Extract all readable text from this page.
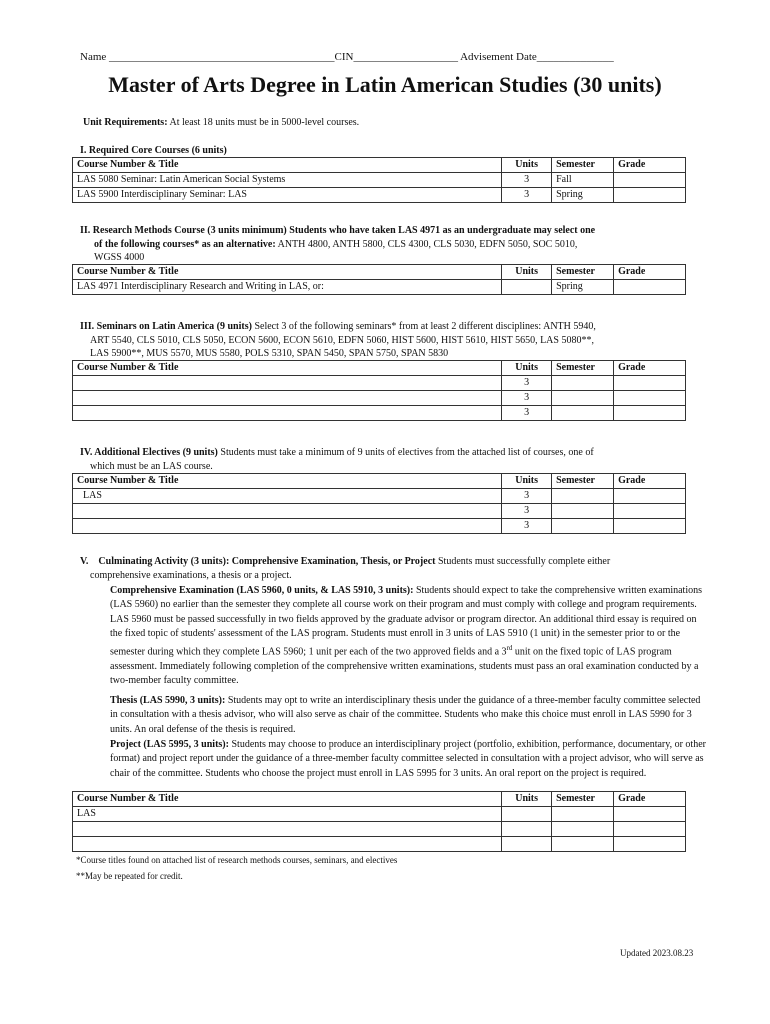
Name _________________________________________CIN___________________ Advisement Date______________
Master of Arts Degree in Latin American Studies (30 units)
Unit Requirements: At least 18 units must be in 5000-level courses.
I. Required Core Courses (6 units)
Course Number & Title	Units	Semester	Grade
LAS 5080 Seminar: Latin American Social Systems	3	Fall	
LAS 5900 Interdisciplinary Seminar: LAS	3	Spring	
II. Research Methods Course (3 units minimum) Students who have taken LAS 4971 as an undergraduate may select one
of the following courses* as an alternative: ANTH 4800, ANTH 5800, CLS 4300, CLS 5030, EDFN 5050, SOC 5010,
WGSS 4000
Course Number & Title	Units	Semester	Grade
LAS 4971 Interdisciplinary Research and Writing in LAS, or:		Spring	
III. Seminars on Latin America (9 units) Select 3 of the following seminars* from at least 2 different disciplines: ANTH 5940,
ART 5540, CLS 5010, CLS 5050, ECON 5600, ECON 5610, EDFN 5060, HIST 5600, HIST 5610, HIST 5650, LAS 5080**,
LAS 5900**, MUS 5570, MUS 5580, POLS 5310, SPAN 5450, SPAN 5750, SPAN 5830
Course Number & Title	Units	Semester	Grade
	3		
	3		
	3		
IV. Additional Electives (9 units) Students must take a minimum of 9 units of electives from the attached list of courses, one of
which must be an LAS course.
Course Number & Title	Units	Semester	Grade
LAS	3		
	3		
	3		
V.    Culminating Activity (3 units): Comprehensive Examination, Thesis, or Project Students must successfully complete either
comprehensive examinations, a thesis or a project.
Comprehensive Examination (LAS 5960, 0 units, & LAS 5910, 3 units): Students should expect to take the comprehensive written examinations (LAS 5960) no earlier than the semester they complete all course work on their program and must comply with college and program requirements. LAS 5960 must be passed successfully in two fields approved by the graduate advisor or program director. An additional third essay is required on the fixed topic of students' assessment of the LAS program. Students must enroll in 3 units of LAS 5910 (1 unit) in the semester prior to or the semester during which they complete LAS 5960; 1 unit per each of the two approved fields and a 3rd unit on the fixed topic of LAS program assessment. Immediately following completion of the comprehensive written examinations, students must pass an oral examination conducted by a two-member faculty committee.
Thesis (LAS 5990, 3 units): Students may opt to write an interdisciplinary thesis under the guidance of a three-member faculty committee selected in consultation with a thesis advisor, who will also serve as chair of the committee. Students who make this choice must enroll in LAS 5990 for 3 units. An oral defense of the thesis is required.
Project (LAS 5995, 3 units): Students may choose to produce an interdisciplinary project (portfolio, exhibition, performance, documentary, or other format) and project report under the guidance of a three-member faculty committee selected in consultation with a project advisor, who will serve as chair of the committee. Students who choose the project must enroll in LAS 5995 for 3 units. An oral report on the project is required.
Course Number & Title	Units	Semester	Grade
LAS			

*Course titles found on attached list of research methods courses, seminars, and electives
**May be repeated for credit.
Updated 2023.08.23
